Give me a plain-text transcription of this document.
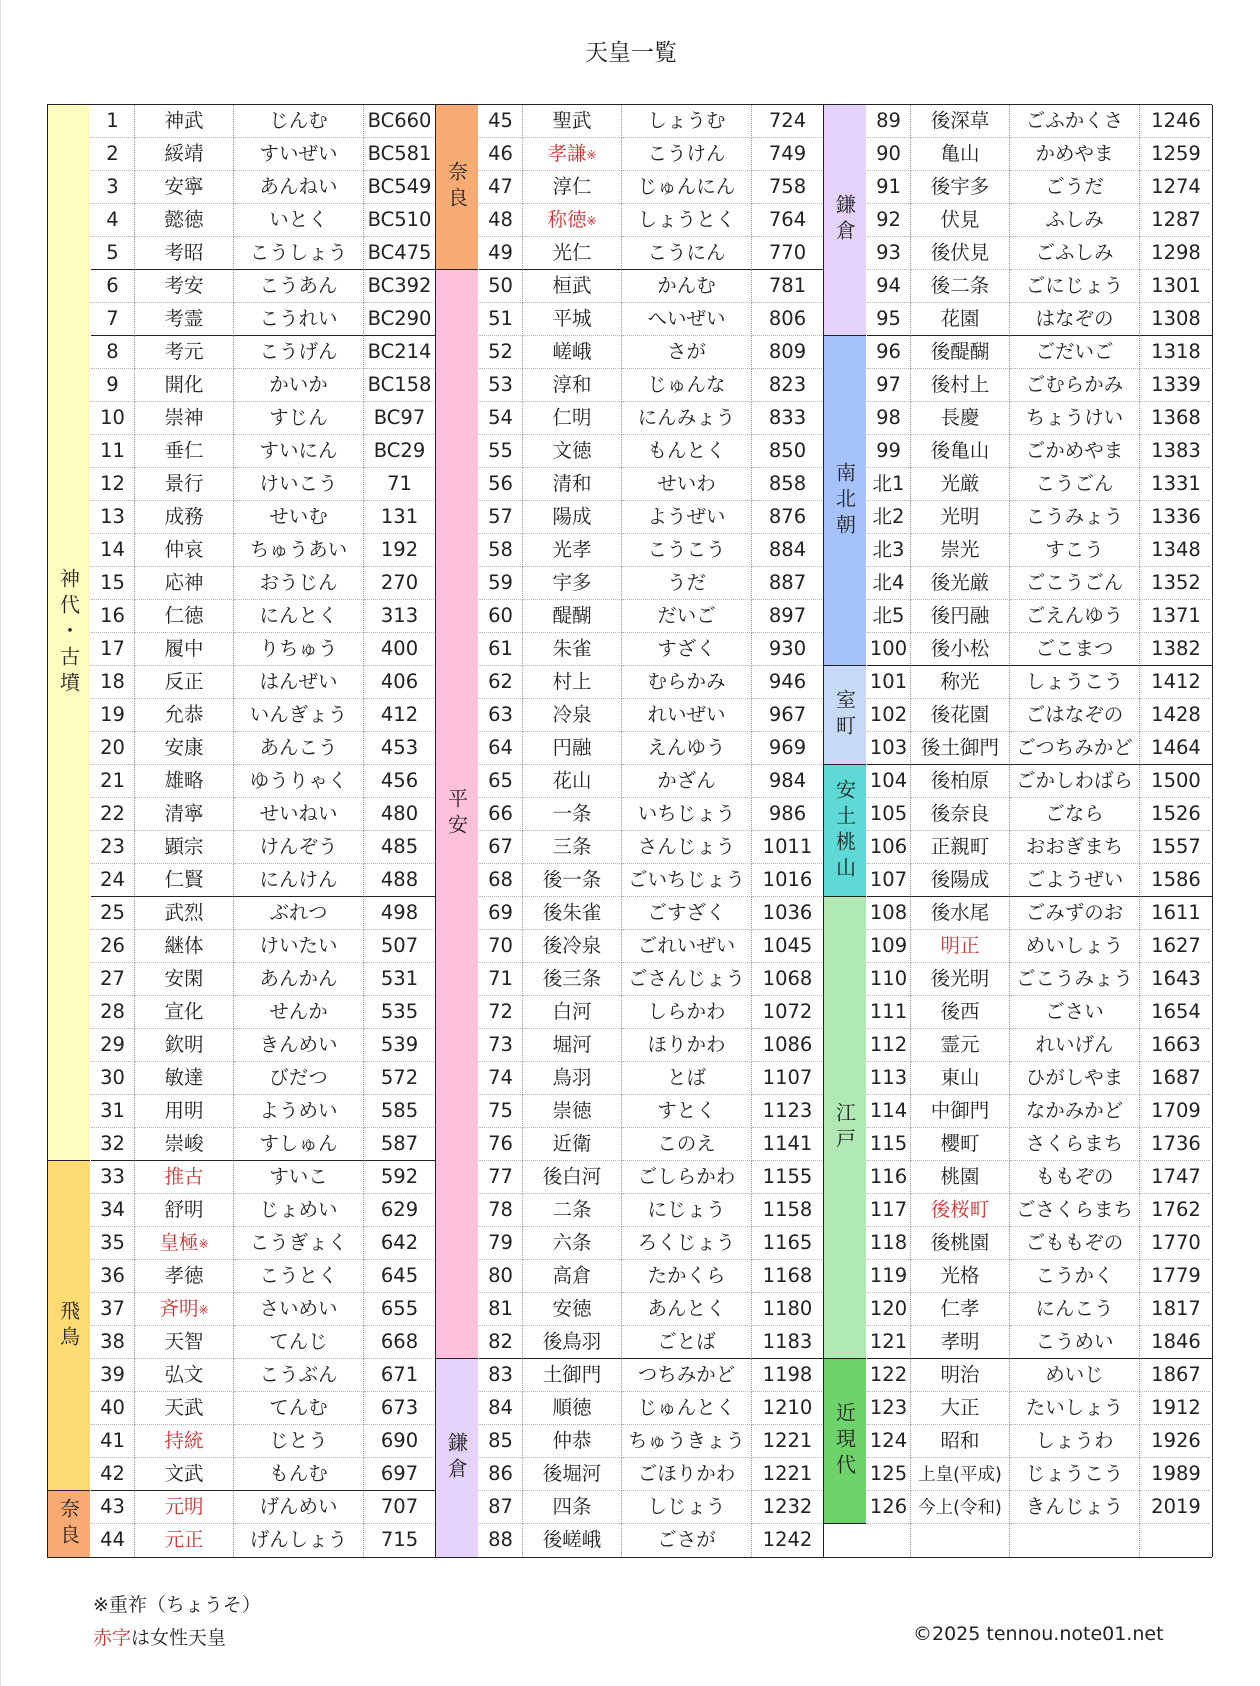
天皇一覧
神代・古墳
飛鳥
奈良
1	神武	じんむ	BC660
2	綏靖	すいぜい	BC581
3	安寧	あんねい	BC549
4	懿徳	いとく	BC510
5	考昭	こうしょう	BC475
6	考安	こうあん	BC392
7	考霊	こうれい	BC290
8	考元	こうげん	BC214
9	開化	かいか	BC158
10	崇神	すじん	BC97
11	垂仁	すいにん	BC29
12	景行	けいこう	71
13	成務	せいむ	131
14	仲哀	ちゅうあい	192
15	応神	おうじん	270
16	仁徳	にんとく	313
17	履中	りちゅう	400
18	反正	はんぜい	406
19	允恭	いんぎょう	412
20	安康	あんこう	453
21	雄略	ゆうりゃく	456
22	清寧	せいねい	480
23	顕宗	けんぞう	485
24	仁賢	にんけん	488
25	武烈	ぶれつ	498
26	継体	けいたい	507
27	安閑	あんかん	531
28	宣化	せんか	535
29	欽明	きんめい	539
30	敏達	びだつ	572
31	用明	ようめい	585
32	崇峻	すしゅん	587
33	推古	すいこ	592
34	舒明	じょめい	629
35	皇極※	こうぎょく	642
36	孝徳	こうとく	645
37	斉明※	さいめい	655
38	天智	てんじ	668
39	弘文	こうぶん	671
40	天武	てんむ	673
41	持統	じとう	690
42	文武	もんむ	697
43	元明	げんめい	707
44	元正	げんしょう	715
奈良
平安
鎌倉
45	聖武	しょうむ	724
46	孝謙※	こうけん	749
47	淳仁	じゅんにん	758
48	称徳※	しょうとく	764
49	光仁	こうにん	770
50	桓武	かんむ	781
51	平城	へいぜい	806
52	嵯峨	さが	809
53	淳和	じゅんな	823
54	仁明	にんみょう	833
55	文徳	もんとく	850
56	清和	せいわ	858
57	陽成	ようぜい	876
58	光孝	こうこう	884
59	宇多	うだ	887
60	醍醐	だいご	897
61	朱雀	すざく	930
62	村上	むらかみ	946
63	冷泉	れいぜい	967
64	円融	えんゆう	969
65	花山	かざん	984
66	一条	いちじょう	986
67	三条	さんじょう	1011
68	後一条	ごいちじょう 1016
69	後朱雀	ごすざく	1036
70	後冷泉	ごれいぜい	1045
71	後三条	ごさんじょう 1068
72	白河	しらかわ	1072
73	堀河	ほりかわ	1086
74	鳥羽	とば	1107
75	崇徳	すとく	1123
76	近衛	このえ	1141
77	後白河	ごしらかわ	1155
78	二条	にじょう	1158
79	六条	ろくじょう	1165
80	高倉	たかくら	1168
81	安徳	あんとく	1180
82	後鳥羽	ごとば	1183
83	土御門	つちみかど	1198
84	順徳	じゅんとく	1210
85	仲恭	ちゅうきょう 1221
86	後堀河	ごほりかわ	1221
87	四条	しじょう	1232
88	後嵯峨	ごさが	1242
鎌倉
南北朝
室町
安土桃山
江戸
近現代
89	後深草	ごふかくさ	1246
90	亀山	かめやま	1259
91	後宇多	ごうだ	1274
92	伏見	ふしみ	1287
93	後伏見	ごふしみ	1298
94	後二条	ごにじょう	1301
95	花園	はなぞの	1308
96	後醍醐	ごだいご	1318
97	後村上	ごむらかみ	1339
98	長慶	ちょうけい	1368
99	後亀山	ごかめやま	1383
北1	光厳	こうごん	1331
北2	光明	こうみょう	1336
北3	崇光	すこう	1348
北4	後光厳	ごこうごん	1352
北5	後円融	ごえんゆう	1371
100	後小松	ごこまつ	1382
101	称光	しょうこう	1412
102	後花園	ごはなぞの	1428
103 後土御門 ごつちみかど 1464
104	後柏原	ごかしわばら 1500
105	後奈良	ごなら	1526
106	正親町	おおぎまち	1557
107	後陽成	ごようぜい	1586
108	後水尾	ごみずのお	1611
109	明正	めいしょう	1627
110	後光明	ごこうみょう 1643
111	後西	ごさい	1654
112	霊元	れいげん	1663
113	東山	ひがしやま	1687
114	中御門	なかみかど	1709
115	櫻町	さくらまち	1736
116	桃園	ももぞの	1747
117	後桜町	ごさくらまち 1762
118	後桃園	ごももぞの	1770
119	光格	こうかく	1779
120	仁孝	にんこう	1817
121	孝明	こうめい	1846
122	明治	めいじ	1867
123	大正	たいしょう	1912
124	昭和	しょうわ	1926
125 上皇(平成)	じょうこう	1989
126 今上(令和)	きんじょう	2019
※重祚（ちょうそ）
赤字は女性天皇	©2025 tennou.note01.net
